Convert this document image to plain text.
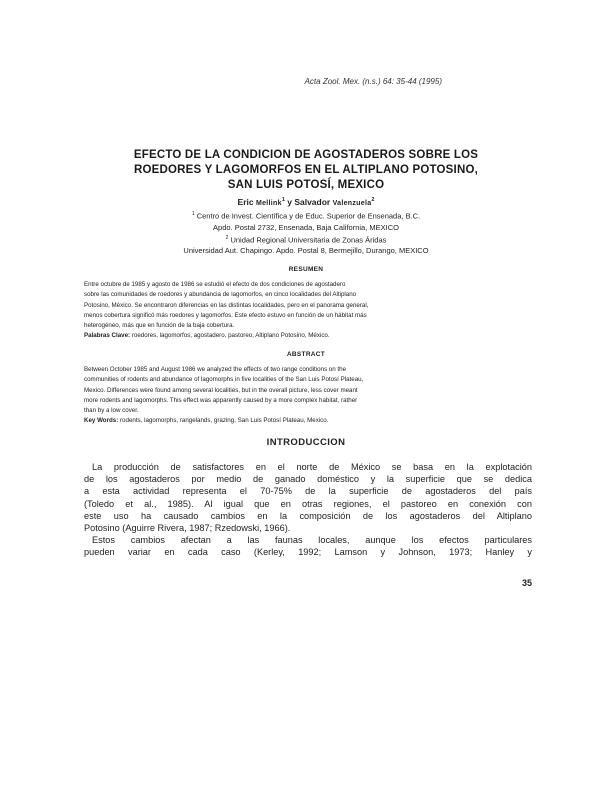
Acta Zool. Mex. (n.s.) 64: 35-44 (1995)
EFECTO DE LA CONDICION DE AGOSTADEROS SOBRE LOS
ROEDORES Y LAGOMORFOS EN EL ALTIPLANO POTOSINO,
SAN LUIS POTOSÍ, MEXICO
Eric Mellink$^1$ y Salvador Valenzuela$^2$
$^1$ Centro de Invest. Científica y de Educ. Superior de Ensenada, B.C.
Apdo. Postal 2732, Ensenada, Baja California, MEXICO
$^2$ Unidad Regional Universitaria de Zonas Áridas
Universidad Aut. Chapingo. Apdo. Postal 8, Bermejillo, Durango, MEXICO
RESUMEN
Entre octubre de 1985 y agosto de 1986 se estudió el efecto de dos condiciones de agostadero
sobre las comunidades de roedores y abundancia de lagomorfos, en cinco localidades del Altiplano
Potosino, México. Se encontraron diferencias en las distintas localidades, pero en el panorama general,
menos cobertura significó más roedores y lagomorfos. Este efecto estuvo en función de un hábitat más
heterogéneo, más que en función de la baja cobertura.
Palabras Clave: roedores, lagomorfos, agostadero, pastoreo, Altiplano Potosino, México.
ABSTRACT
Between October 1985 and August 1986 we analyzed the effects of two range conditions on the
communities of rodents and abundance of lagomorphs in five localities of the San Luis Potosí Plateau,
Mexico. Differences were found among several localities, but in the overall picture, less cover meant
more rodents and lagomorphs. This effect was apparently caused by a more complex habitat, rather
than by a low cover.
Key Words: rodents, lagomorphs, rangelands, grazing, San Luis Potosí Plateau, Mexico.
INTRODUCCION
La producción de satisfactores en el norte de México se basa en la explotación
de los agostaderos por medio de ganado doméstico y la superficie que se dedica
a esta actividad representa el 70-75% de la superficie de agostaderos del país
(Toledo et al., 1985). Al igual que en otras regiones, el pastoreo en conexión con
este uso ha causado cambios en la composición de los agostaderos del Altiplano
Potosino (Aguirre Rivera, 1987; Rzedowski, 1966).
Estos cambios afectan a las faunas locales, aunque los efectos particulares
pueden variar en cada caso (Kerley, 1992; Lamson y Johnson, 1973; Hanley y
35
